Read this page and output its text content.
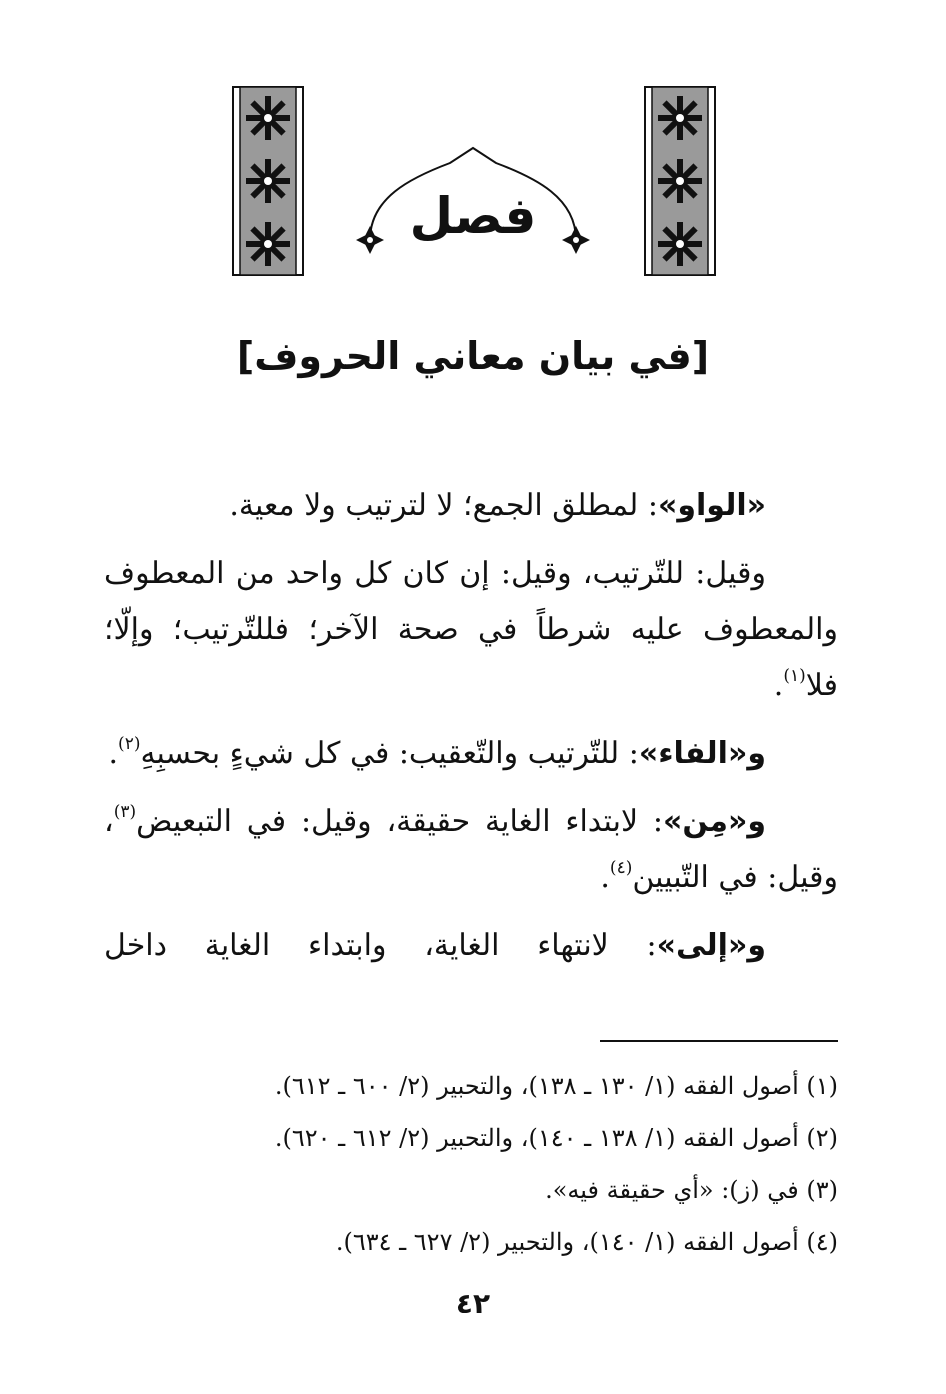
فصل
[في بيان معاني الحروف]

«الواو»: لمطلق الجمع؛ لا لترتيب ولا معية.

وقيل: للتّرتيب، وقيل: إن كان كل واحد من المعطوف والمعطوف عليه شرطاً في صحة الآخر؛ فللتّرتيب؛ وإلّا؛ فلا$^{(١)}$.

و«الفاء»: للتّرتيب والتّعقيب: في كل شيءٍ بحسبِهِ$^{(٢)}$.

و«مِن»: لابتداء الغاية حقيقة، وقيل: في التبعيض$^{(٣)}$، وقيل: في التّبيين$^{(٤)}$.

و«إلى»: لانتهاء الغاية، وابتداء الغاية داخل

(١) أصول الفقه (١/ ١٣٠ ـ ١٣٨)، والتحبير (٢/ ٦٠٠ ـ ٦١٢).
(٢) أصول الفقه (١/ ١٣٨ ـ ١٤٠)، والتحبير (٢/ ٦١٢ ـ ٦٢٠).
(٣) في (ز): «أي حقيقة فيه».
(٤) أصول الفقه (١/ ١٤٠)، والتحبير (٢/ ٦٢٧ ـ ٦٣٤).

٤٢
